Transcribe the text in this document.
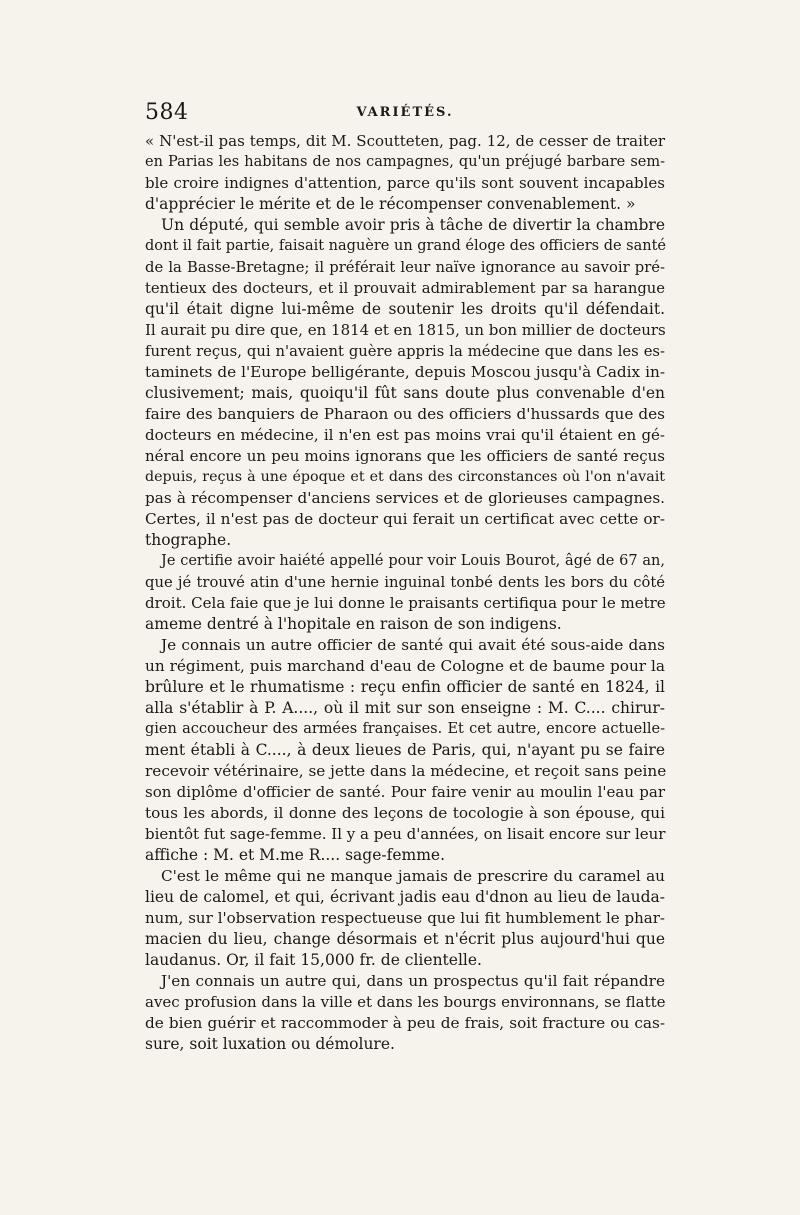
584	VARIÉTÉS.
« N'est-il pas temps, dit M. Scoutteten, pag. 12, de cesser de traiter
en Parias les habitans de nos campagnes, qu'un préjugé barbare sem-
ble croire indignes d'attention, parce qu'ils sont souvent incapables
d'apprécier le mérite et de le récompenser convenablement. »
Un député, qui semble avoir pris à tâche de divertir la chambre
dont il fait partie, faisait naguère un grand éloge des officiers de santé
de la Basse-Bretagne; il préférait leur naïve ignorance au savoir pré-
tentieux des docteurs, et il prouvait admirablement par sa harangue
qu'il était digne lui-même de soutenir les droits qu'il défendait.
Il aurait pu dire que, en 1814 et en 1815, un bon millier de docteurs
furent reçus, qui n'avaient guère appris la médecine que dans les es-
taminets de l'Europe belligérante, depuis Moscou jusqu'à Cadix in-
clusivement; mais, quoiqu'il fût sans doute plus convenable d'en
faire des banquiers de Pharaon ou des officiers d'hussards que des
docteurs en médecine, il n'en est pas moins vrai qu'il étaient en gé-
néral encore un peu moins ignorans que les officiers de santé reçus
depuis, reçus à une époque et et dans des circonstances où l'on n'avait
pas à récompenser d'anciens services et de glorieuses campagnes.
Certes, il n'est pas de docteur qui ferait un certificat avec cette or-
thographe.
Je certifie avoir haiété appellé pour voir Louis Bourot, âgé de 67 an,
que jé trouvé atin d'une hernie inguinal tonbé dents les bors du côté
droit. Cela faie que je lui donne le praisants certifiqua pour le metre
ameme dentré à l'hopitale en raison de son indigens.
Je connais un autre officier de santé qui avait été sous-aide dans
un régiment, puis marchand d'eau de Cologne et de baume pour la
brûlure et le rhumatisme : reçu enfin officier de santé en 1824, il
alla s'établir à P. A...., où il mit sur son enseigne : M. C.... chirur-
gien accoucheur des armées françaises. Et cet autre, encore actuelle-
ment établi à C...., à deux lieues de Paris, qui, n'ayant pu se faire
recevoir vétérinaire, se jette dans la médecine, et reçoit sans peine
son diplôme d'officier de santé. Pour faire venir au moulin l'eau par
tous les abords, il donne des leçons de tocologie à son épouse, qui
bientôt fut sage-femme. Il y a peu d'années, on lisait encore sur leur
affiche : M. et M.me R.... sage-femme.
C'est le même qui ne manque jamais de prescrire du caramel au
lieu de calomel, et qui, écrivant jadis eau d'dnon au lieu de lauda-
num, sur l'observation respectueuse que lui fit humblement le phar-
macien du lieu, change désormais et n'écrit plus aujourd'hui que
laudanus. Or, il fait 15,000 fr. de clientelle.
J'en connais un autre qui, dans un prospectus qu'il fait répandre
avec profusion dans la ville et dans les bourgs environnans, se flatte
de bien guérir et raccommoder à peu de frais, soit fracture ou cas-
sure, soit luxation ou démolure.
